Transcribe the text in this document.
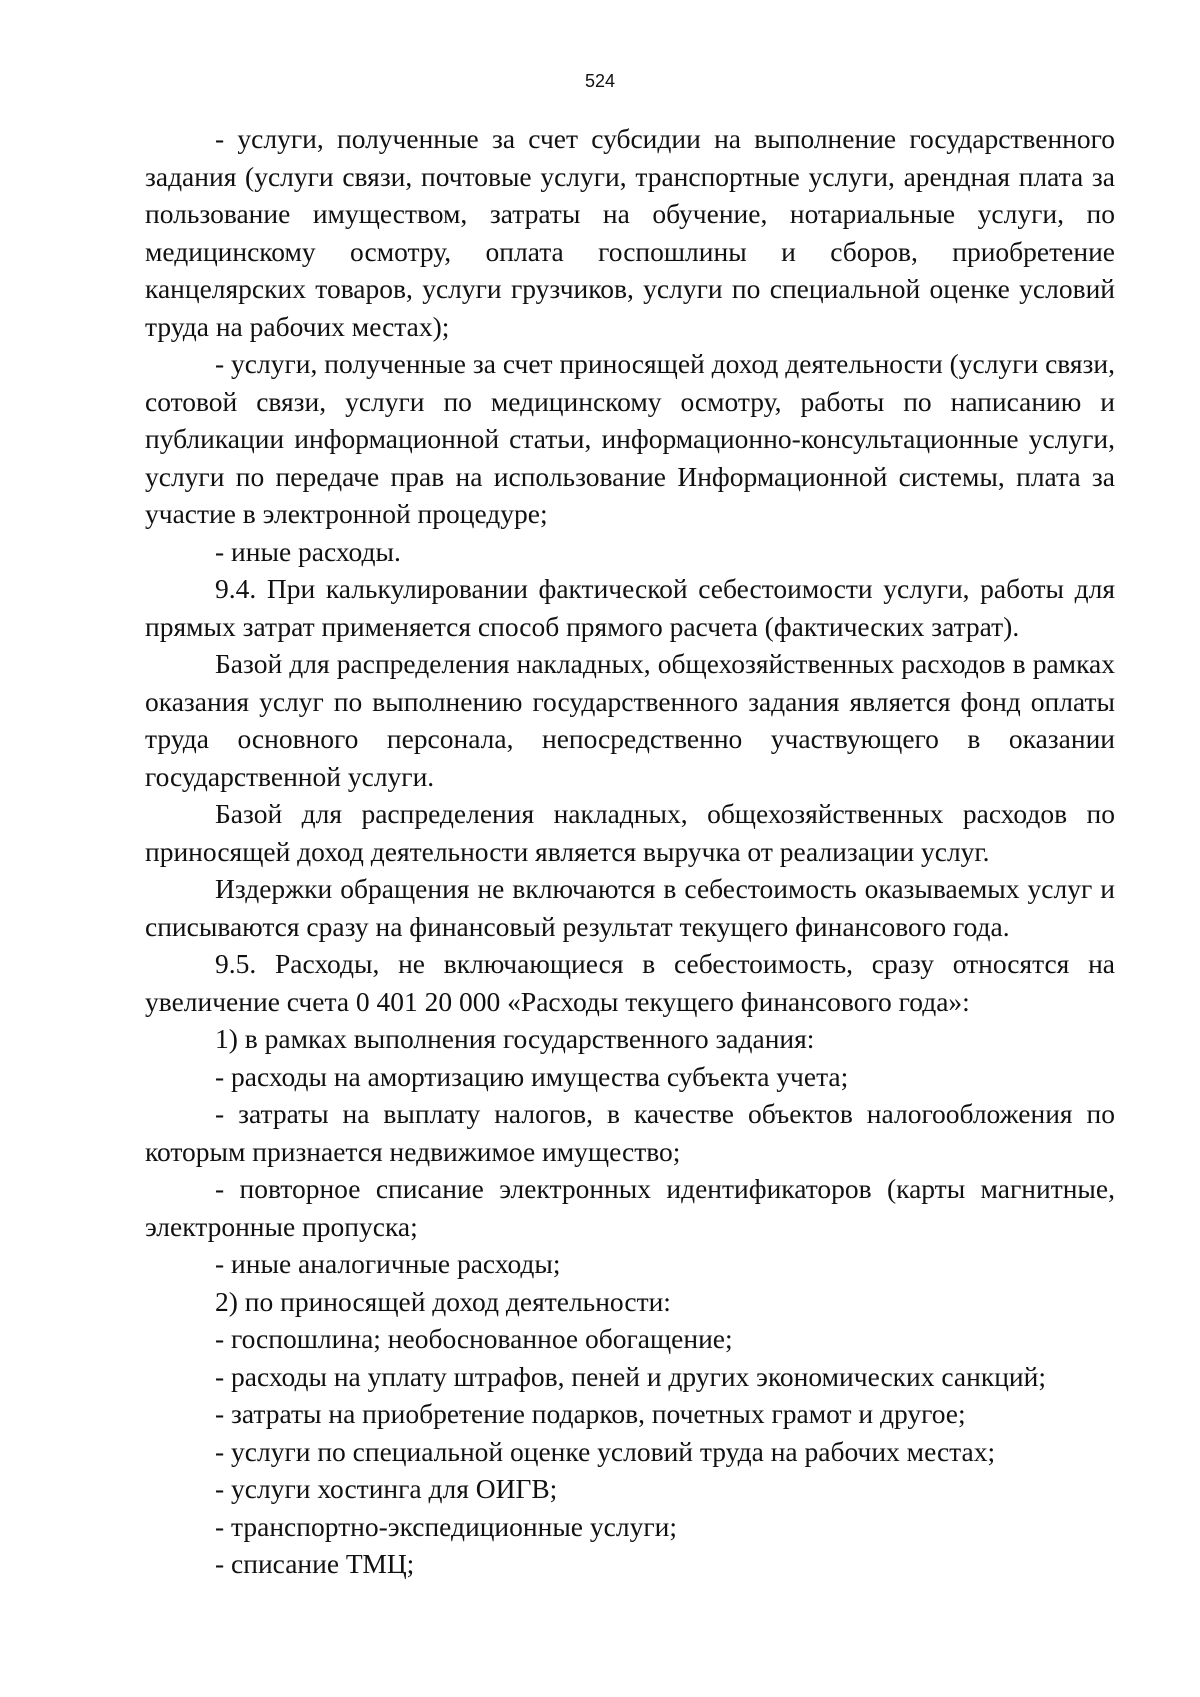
524

- услуги, полученные за счет субсидии на выполнение государственного задания (услуги связи, почтовые услуги, транспортные услуги, арендная плата за пользование имуществом, затраты на обучение, нотариальные услуги, по медицинскому осмотру, оплата госпошлины и сборов, приобретение канцелярских товаров, услуги грузчиков, услуги по специальной оценке условий труда на рабочих местах);

- услуги, полученные за счет приносящей доход деятельности (услуги связи, сотовой связи, услуги по медицинскому осмотру, работы по написанию и публикации информационной статьи, информационно-консультационные услуги, услуги по передаче прав на использование Информационной системы, плата за участие в электронной процедуре;

- иные расходы.

9.4. При калькулировании фактической себестоимости услуги, работы для прямых затрат применяется способ прямого расчета (фактических затрат).

Базой для распределения накладных, общехозяйственных расходов в рамках оказания услуг по выполнению государственного задания является фонд оплаты труда основного персонала, непосредственно участвующего в оказании государственной услуги.

Базой для распределения накладных, общехозяйственных расходов по приносящей доход деятельности является выручка от реализации услуг.

Издержки обращения не включаются в себестоимость оказываемых услуг и списываются сразу на финансовый результат текущего финансового года.

9.5. Расходы, не включающиеся в себестоимость, сразу относятся на увеличение счета 0 401 20 000 «Расходы текущего финансового года»:

1) в рамках выполнения государственного задания:

- расходы на амортизацию имущества субъекта учета;

- затраты на выплату налогов, в качестве объектов налогообложения по которым признается недвижимое имущество;

- повторное списание электронных идентификаторов (карты магнитные, электронные пропуска;

- иные аналогичные расходы;

2) по приносящей доход деятельности:

- госпошлина; необоснованное обогащение;

- расходы на уплату штрафов, пеней и других экономических санкций;

- затраты на приобретение подарков, почетных грамот и другое;

- услуги по специальной оценке условий труда на рабочих местах;

- услуги хостинга для ОИГВ;

- транспортно-экспедиционные услуги;

- списание ТМЦ;
